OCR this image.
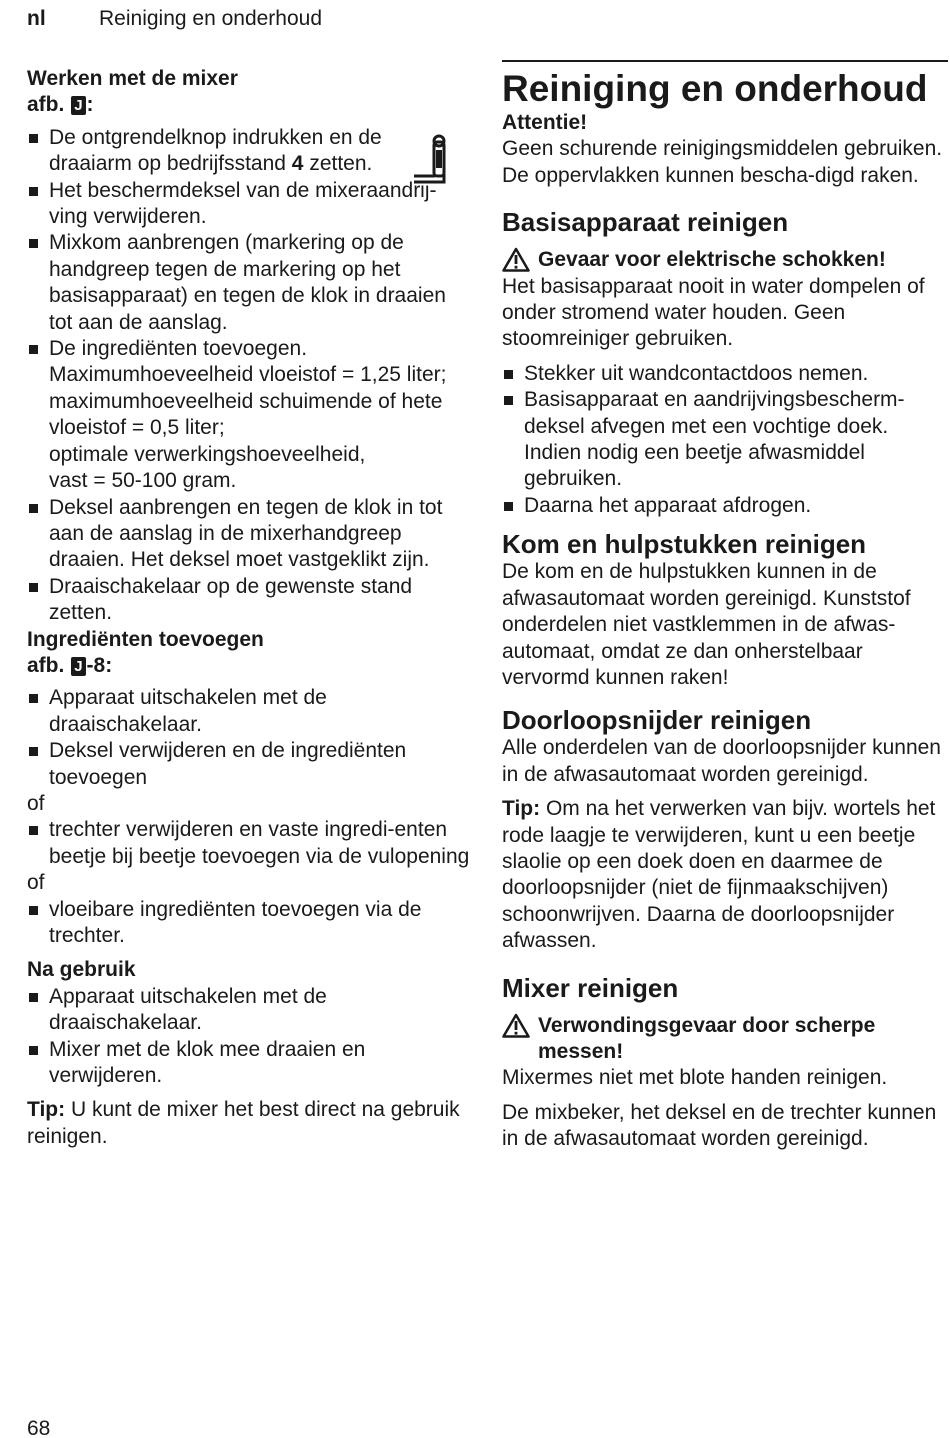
nl	Reiniging en onderhoud
Werken met de mixer
afb. J :
De ontgrendelknop indrukken en de draaiarm op bedrijfsstand 4 zetten.
Het beschermdeksel van de mixeraandrij-ving verwijderen.
Mixkom aanbrengen (markering op de handgreep tegen de markering op het basisapparaat) en tegen de klok in draaien tot aan de aanslag.
De ingrediënten toevoegen.
Maximumhoeveelheid vloeistof = 1,25 liter;
maximumhoeveelheid schuimende of hete vloeistof = 0,5 liter;
optimale verwerkingshoeveelheid,
vast = 50-100 gram.
Deksel aanbrengen en tegen de klok in tot aan de aanslag in de mixerhandgreep draaien. Het deksel moet vastgeklikt zijn.
Draaischakelaar op de gewenste stand zetten.
Ingrediënten toevoegen
afb. J -8:
Apparaat uitschakelen met de draaischakelaar.
Deksel verwijderen en de ingrediënten toevoegen
of
trechter verwijderen en vaste ingredi-enten beetje bij beetje toevoegen via de vulopening
of
vloeibare ingrediënten toevoegen via de trechter.
Na gebruik
Apparaat uitschakelen met de draaischakelaar.
Mixer met de klok mee draaien en verwijderen.
Tip: U kunt de mixer het best direct na gebruik reinigen.
Reiniging en onderhoud
Attentie!
Geen schurende reinigingsmiddelen gebruiken. De oppervlakken kunnen bescha-digd raken.
Basisapparaat reinigen
Gevaar voor elektrische schokken!
Het basisapparaat nooit in water dompelen of onder stromend water houden. Geen stoomreiniger gebruiken.
Stekker uit wandcontactdoos nemen.
Basisapparaat en aandrijvingsbescherm-deksel afvegen met een vochtige doek. Indien nodig een beetje afwasmiddel gebruiken.
Daarna het apparaat afdrogen.
Kom en hulpstukken reinigen
De kom en de hulpstukken kunnen in de afwasautomaat worden gereinigd. Kunststof onderdelen niet vastklemmen in de afwas-automaat, omdat ze dan onherstelbaar vervormd kunnen raken!
Doorloopsnijder reinigen
Alle onderdelen van de doorloopsnijder kunnen in de afwasautomaat worden gereinigd.
Tip: Om na het verwerken van bijv. wortels het rode laagje te verwijderen, kunt u een beetje slaolie op een doek doen en daarmee de doorloopsnijder (niet de fijnmaakschijven) schoonwrijven. Daarna de doorloopsnijder afwassen.
Mixer reinigen
Verwondingsgevaar door scherpe messen!
Mixermes niet met blote handen reinigen.
De mixbeker, het deksel en de trechter kunnen in de afwasautomaat worden gereinigd.
68
